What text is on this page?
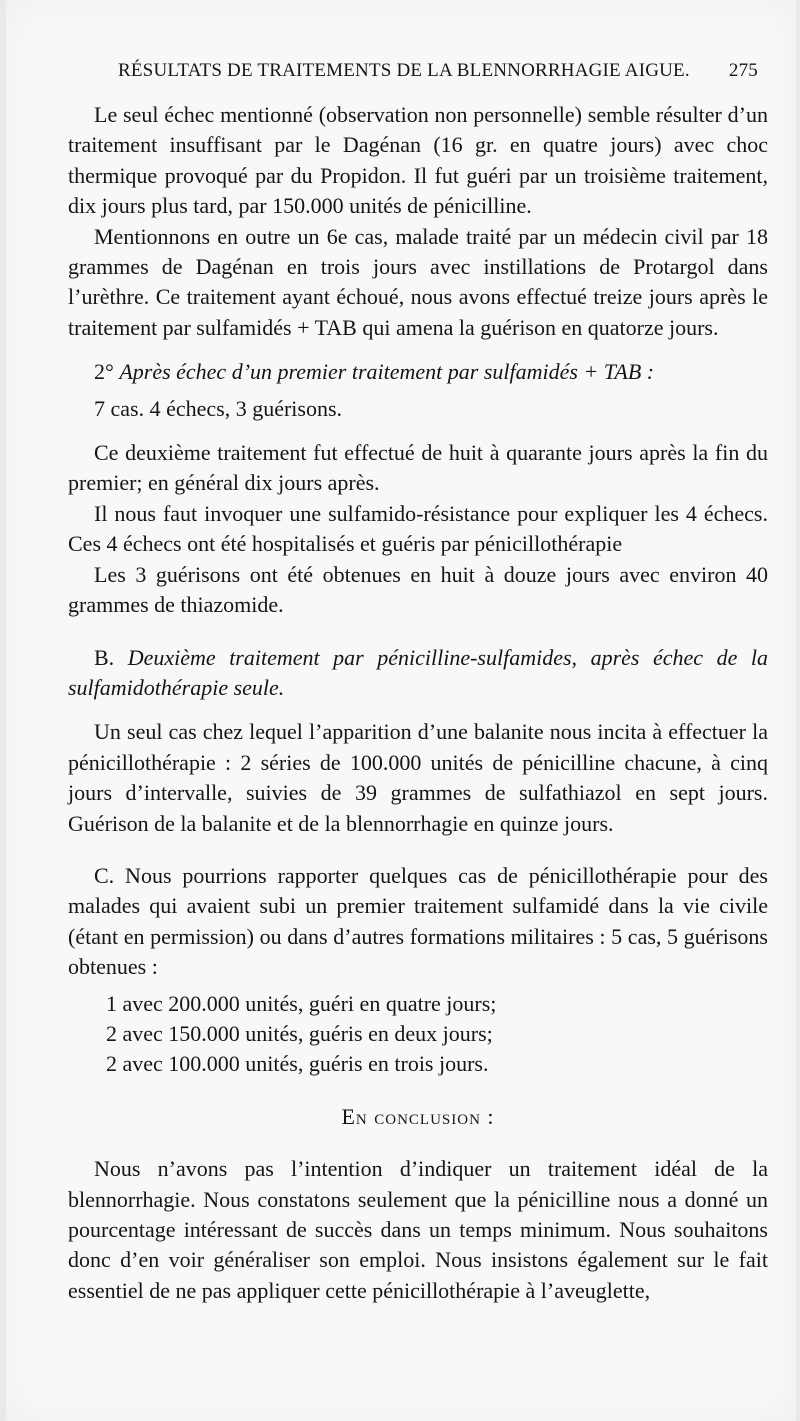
RÉSULTATS DE TRAITEMENTS DE LA BLENNORRHAGIE AIGUE. 275

Le seul échec mentionné (observation non personnelle) semble résulter d’un traitement insuffisant par le Dagénan (16 gr. en quatre jours) avec choc thermique provoqué par du Propidon. Il fut guéri par un troisième traitement, dix jours plus tard, par 150.000 unités de pénicilline.

Mentionnons en outre un 6e cas, malade traité par un médecin civil par 18 grammes de Dagénan en trois jours avec instillations de Protargol dans l’urèthre. Ce traitement ayant échoué, nous avons effectué treize jours après le traitement par sulfamidés + TAB qui amena la guérison en quatorze jours.

2° Après échec d’un premier traitement par sulfamidés + TAB :

7 cas. 4 échecs, 3 guérisons.

Ce deuxième traitement fut effectué de huit à quarante jours après la fin du premier; en général dix jours après.

Il nous faut invoquer une sulfamido-résistance pour expliquer les 4 échecs. Ces 4 échecs ont été hospitalisés et guéris par pénicillothérapie

Les 3 guérisons ont été obtenues en huit à douze jours avec environ 40 grammes de thiazomide.

B. Deuxième traitement par pénicilline-sulfamides, après échec de la sulfamidothérapie seule.

Un seul cas chez lequel l’apparition d’une balanite nous incita à effectuer la pénicillothérapie : 2 séries de 100.000 unités de pénicilline chacune, à cinq jours d’intervalle, suivies de 39 grammes de sulfathiazol en sept jours. Guérison de la balanite et de la blennorrhagie en quinze jours.

C. Nous pourrions rapporter quelques cas de pénicillothérapie pour des malades qui avaient subi un premier traitement sulfamidé dans la vie civile (étant en permission) ou dans d’autres formations militaires : 5 cas, 5 guérisons obtenues :

1 avec 200.000 unités, guéri en quatre jours;
2 avec 150.000 unités, guéris en deux jours;
2 avec 100.000 unités, guéris en trois jours.

En conclusion :

Nous n’avons pas l’intention d’indiquer un traitement idéal de la blennorrhagie. Nous constatons seulement que la pénicilline nous a donné un pourcentage intéressant de succès dans un temps minimum. Nous souhaitons donc d’en voir généraliser son emploi. Nous insistons également sur le fait essentiel de ne pas appliquer cette pénicillothérapie à l’aveuglette,
